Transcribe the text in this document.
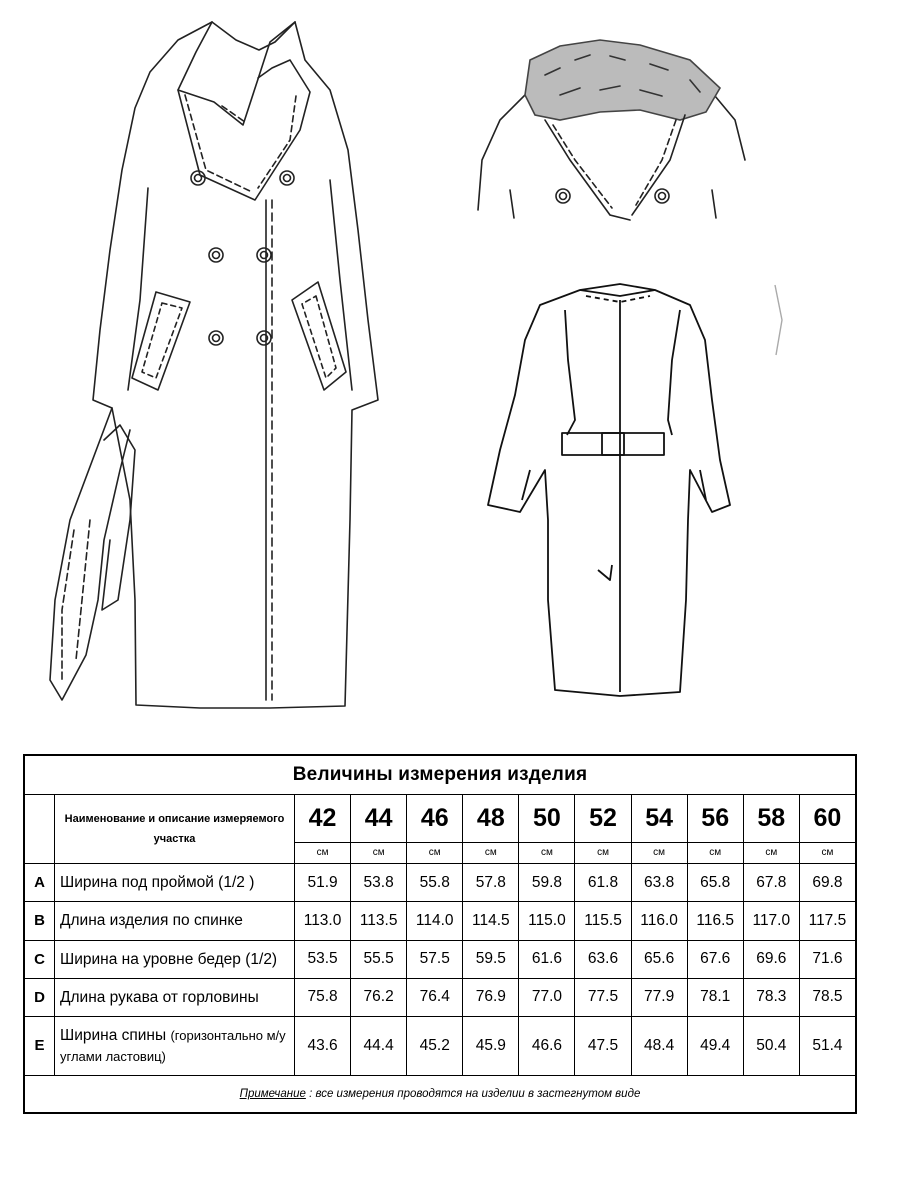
Величины измерения изделия											
	Наименование и описание измеряемого участка	42	44	46	48	50	52	54	56	58	60
		см	см	см	см	см	см	см	см	см	см
A	Ширина под проймой (1/2 )	51.9	53.8	55.8	57.8	59.8	61.8	63.8	65.8	67.8	69.8
B	Длина изделия по спинке	113.0	113.5	114.0	114.5	115.0	115.5	116.0	116.5	117.0	117.5
C	Ширина на уровне бедер (1/2)	53.5	55.5	57.5	59.5	61.6	63.6	65.6	67.6	69.6	71.6
D	Длина рукава от горловины	75.8	76.2	76.4	76.9	77.0	77.5	77.9	78.1	78.3	78.5
E	Ширина спины (горизонтально м/у углами ластовиц)	43.6	44.4	45.2	45.9	46.6	47.5	48.4	49.4	50.4	51.4
Примечание : все измерения проводятся на изделии в застегнутом виде											
